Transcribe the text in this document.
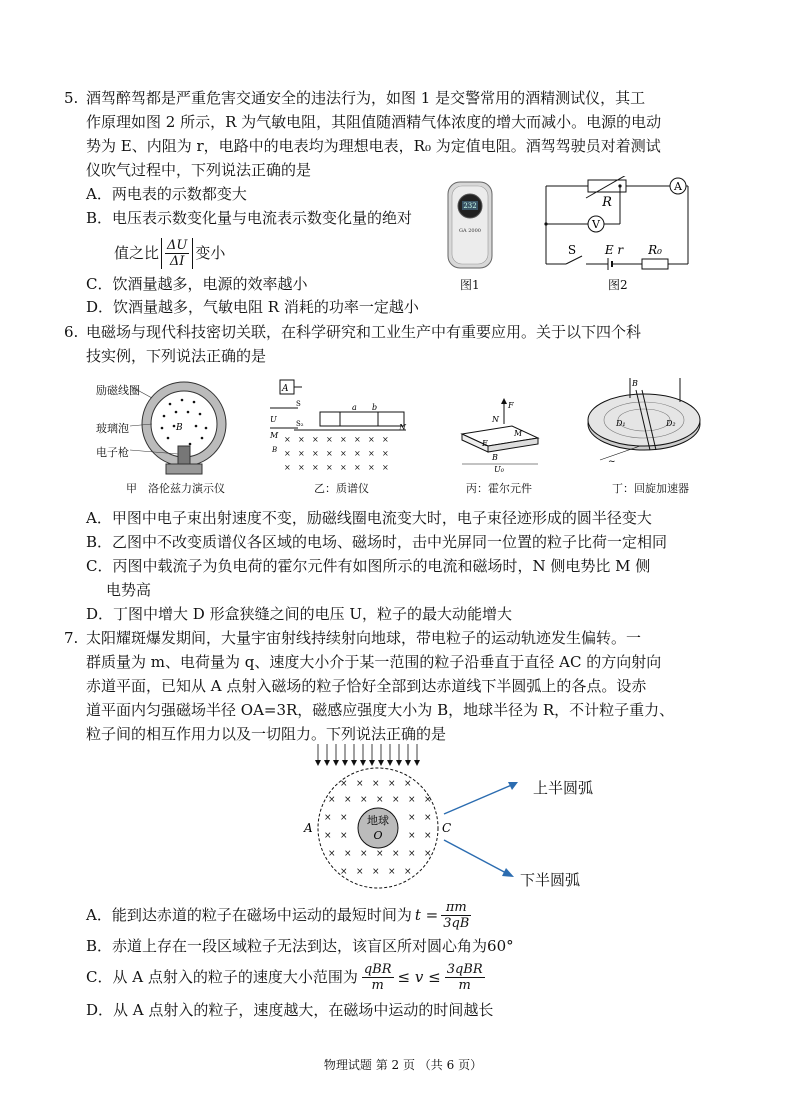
5. 酒驾醉驾都是严重危害交通安全的违法行为，如图 1 是交警常用的酒精测试仪，其工
作原理如图 2 所示，R 为气敏电阻，其阻值随酒精气体浓度的增大而减小。电源的电动
势为 E、内阻为 r，电路中的电表均为理想电表，R₀ 为定值电阻。酒驾驾驶员对着测试
仪吹气过程中，下列说法正确的是
A．两电表的示数都变大
B．电压表示数变化量与电流表示数变化量的绝对
值之比 $\frac{\Delta U}{\Delta I}$ 变小
C．饮酒量越多，电源的效率越小
D．饮酒量越多，气敏电阻 R 消耗的功率一定越小
232
GA 2000
图1
R
A
V
S E r R₀
图2
6. 电磁场与现代科技密切关联，在科学研究和工业生产中有重要应用。关于以下四个科
技实例，下列说法正确的是
B
励磁线圈
玻璃泡
电子枪
甲　洛伦兹力演示仪
A
U
M
S
S₂
a b
N
× × × × × × × ×
× × × × × × × ×
× × × × × × × ×
B
乙：质谱仪
F
N
M
E
B
U₀
丙：霍尔元件
B
D₁	D₂
~
丁：回旋加速器
A．甲图中电子束出射速度不变，励磁线圈电流变大时，电子束径迹形成的圆半径变大
B．乙图中不改变质谱仪各区域的电场、磁场时，击中光屏同一位置的粒子比荷一定相同
C．丙图中载流子为负电荷的霍尔元件有如图所示的电流和磁场时，N 侧电势比 M 侧
电势高
D．丁图中增大 D 形盒狭缝之间的电压 U，粒子的最大动能增大
7. 太阳耀斑爆发期间，大量宇宙射线持续射向地球，带电粒子的运动轨迹发生偏转。一
群质量为 m、电荷量为 q、速度大小介于某一范围的粒子沿垂直于直径 AC 的方向射向
赤道平面，已知从 A 点射入磁场的粒子恰好全部到达赤道线下半圆弧上的各点。设赤
道平面内匀强磁场半径 OA=3R，磁感应强度大小为 B，地球半径为 R，不计粒子重力、
粒子间的相互作用力以及一切阻力。下列说法正确的是
× × × × ×
× × × × × × ×
× ×	× ×
× ×	× ×
× × × × × × ×
× × × × ×
地球
O
A	C
上半圆弧
下半圆弧
A．能到达赤道的粒子在磁场中运动的最短时间为 $t = \frac{\pi m}{3qB}$
B．赤道上存在一段区域粒子无法到达，该盲区所对圆心角为60°
C．从 A 点射入的粒子的速度大小范围为 $\frac{\text{qBR}}{m} \le v \le \frac{\text{3qBR}}{m}$
D．从 A 点射入的粒子，速度越大，在磁场中运动的时间越长
物理试题 第 2 页 （共 6 页）
